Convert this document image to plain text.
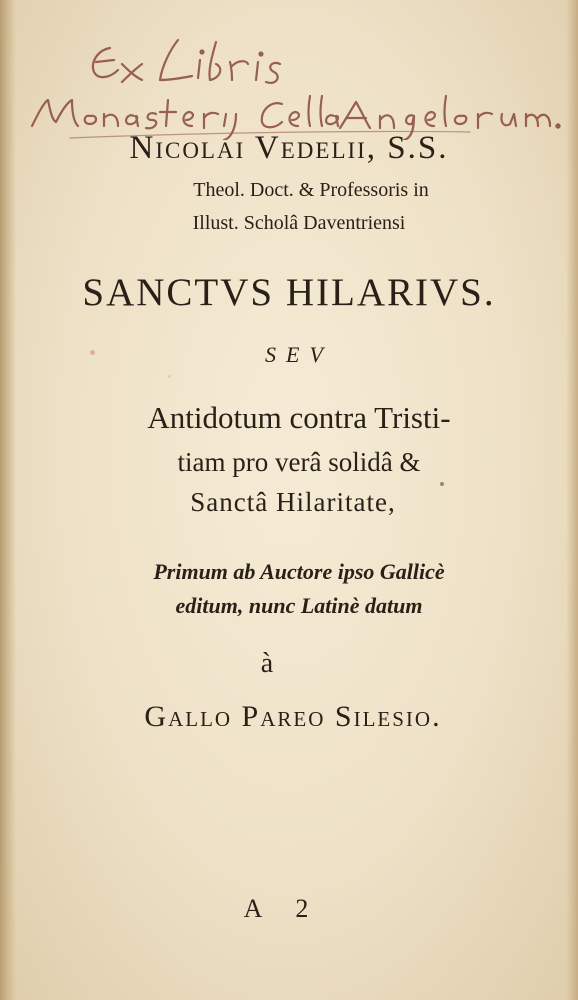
Nicolai Vedelii, S.S.
Theol. Doct. & Professoris in
Illust. Scholâ Daventriensi
SANCTVS HILARIVS.
SEV
Antidotum contra Tristi-
tiam pro verâ solidâ &
Sanctâ Hilaritate,
Primum ab Auctore ipso Gallicè
editum, nunc Latinè datum
à
Gallo Pareo Silesio.
A 2
